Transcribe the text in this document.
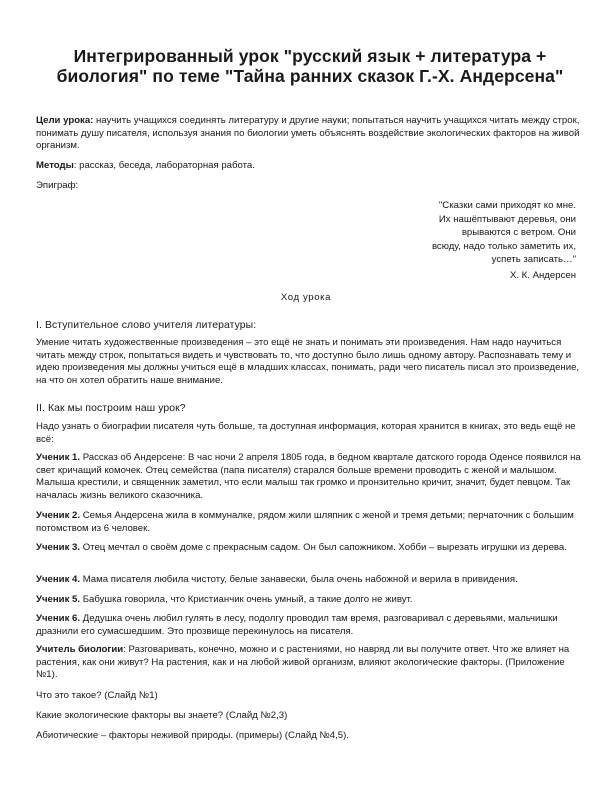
Интегрированный урок "русский язык + литература + биология" по теме "Тайна ранних сказок Г.-Х. Андерсена"
Цели урока: научить учащихся соединять литературу и другие науки; попытаться научить учащихся читать между строк, понимать душу писателя, используя знания по биологии уметь объяснять воздействие экологических факторов на живой организм.
Методы: рассказ, беседа, лабораторная работа.
Эпиграф:
"Сказки сами приходят ко мне.
Их нашёптывают деревья, они
врываются с ветром. Они
всюду, надо только заметить их,
успеть записать…"
Х. К. Андерсен
Ход урока
I. Вступительное слово учителя литературы:
Умение читать художественные произведения – это ещё не знать и понимать эти произведения. Нам надо научиться читать между строк, попытаться видеть и чувствовать то, что доступно было лишь одному автору. Распознавать тему и идею произведения мы должны учиться ещё в младших классах, понимать, ради чего писатель писал это произведение, на что он хотел обратить наше внимание.
II. Как мы построим наш урок?
Надо узнать о биографии писателя чуть больше, та доступная информация, которая хранится в книгах, это ведь ещё не всё:
Ученик 1. Рассказ об Андерсене: В час ночи 2 апреля 1805 года, в бедном квартале датского города Оденсе появился на свет кричащий комочек. Отец семейства (папа писателя) старался больше времени проводить с женой и малышом. Малыша крестили, и священник заметил, что если малыш так громко и пронзительно кричит, значит, будет певцом. Так началась жизнь великого сказочника.
Ученик 2. Семья Андерсена жила в коммуналке, рядом жили шляпник с женой и тремя детьми; перчаточник с большим потомством из 6 человек.
Ученик 3. Отец мечтал о своём доме с прекрасным садом. Он был сапожником. Хобби – вырезать игрушки из дерева.
Ученик 4. Мама писателя любила чистоту, белые занавески, была очень набожной и верила в привидения.
Ученик 5. Бабушка говорила, что Кристианчик очень умный, а такие долго не живут.
Ученик 6. Дедушка очень любил гулять в лесу, подолгу проводил там время, разговаривал с деревьями, мальчишки дразнили его сумасшедшим. Это прозвище перекинулось на писателя.
Учитель биологии: Разговаривать, конечно, можно и с растениями, но навряд ли вы получите ответ. Что же влияет на растения, как они живут? На растения, как и на любой живой организм, влияют экологические факторы. (Приложение №1).
Что это такое? (Слайд №1)
Какие экологические факторы вы знаете? (Слайд №2,3)
Абиотические – факторы неживой природы. (примеры) (Слайд №4,5).
